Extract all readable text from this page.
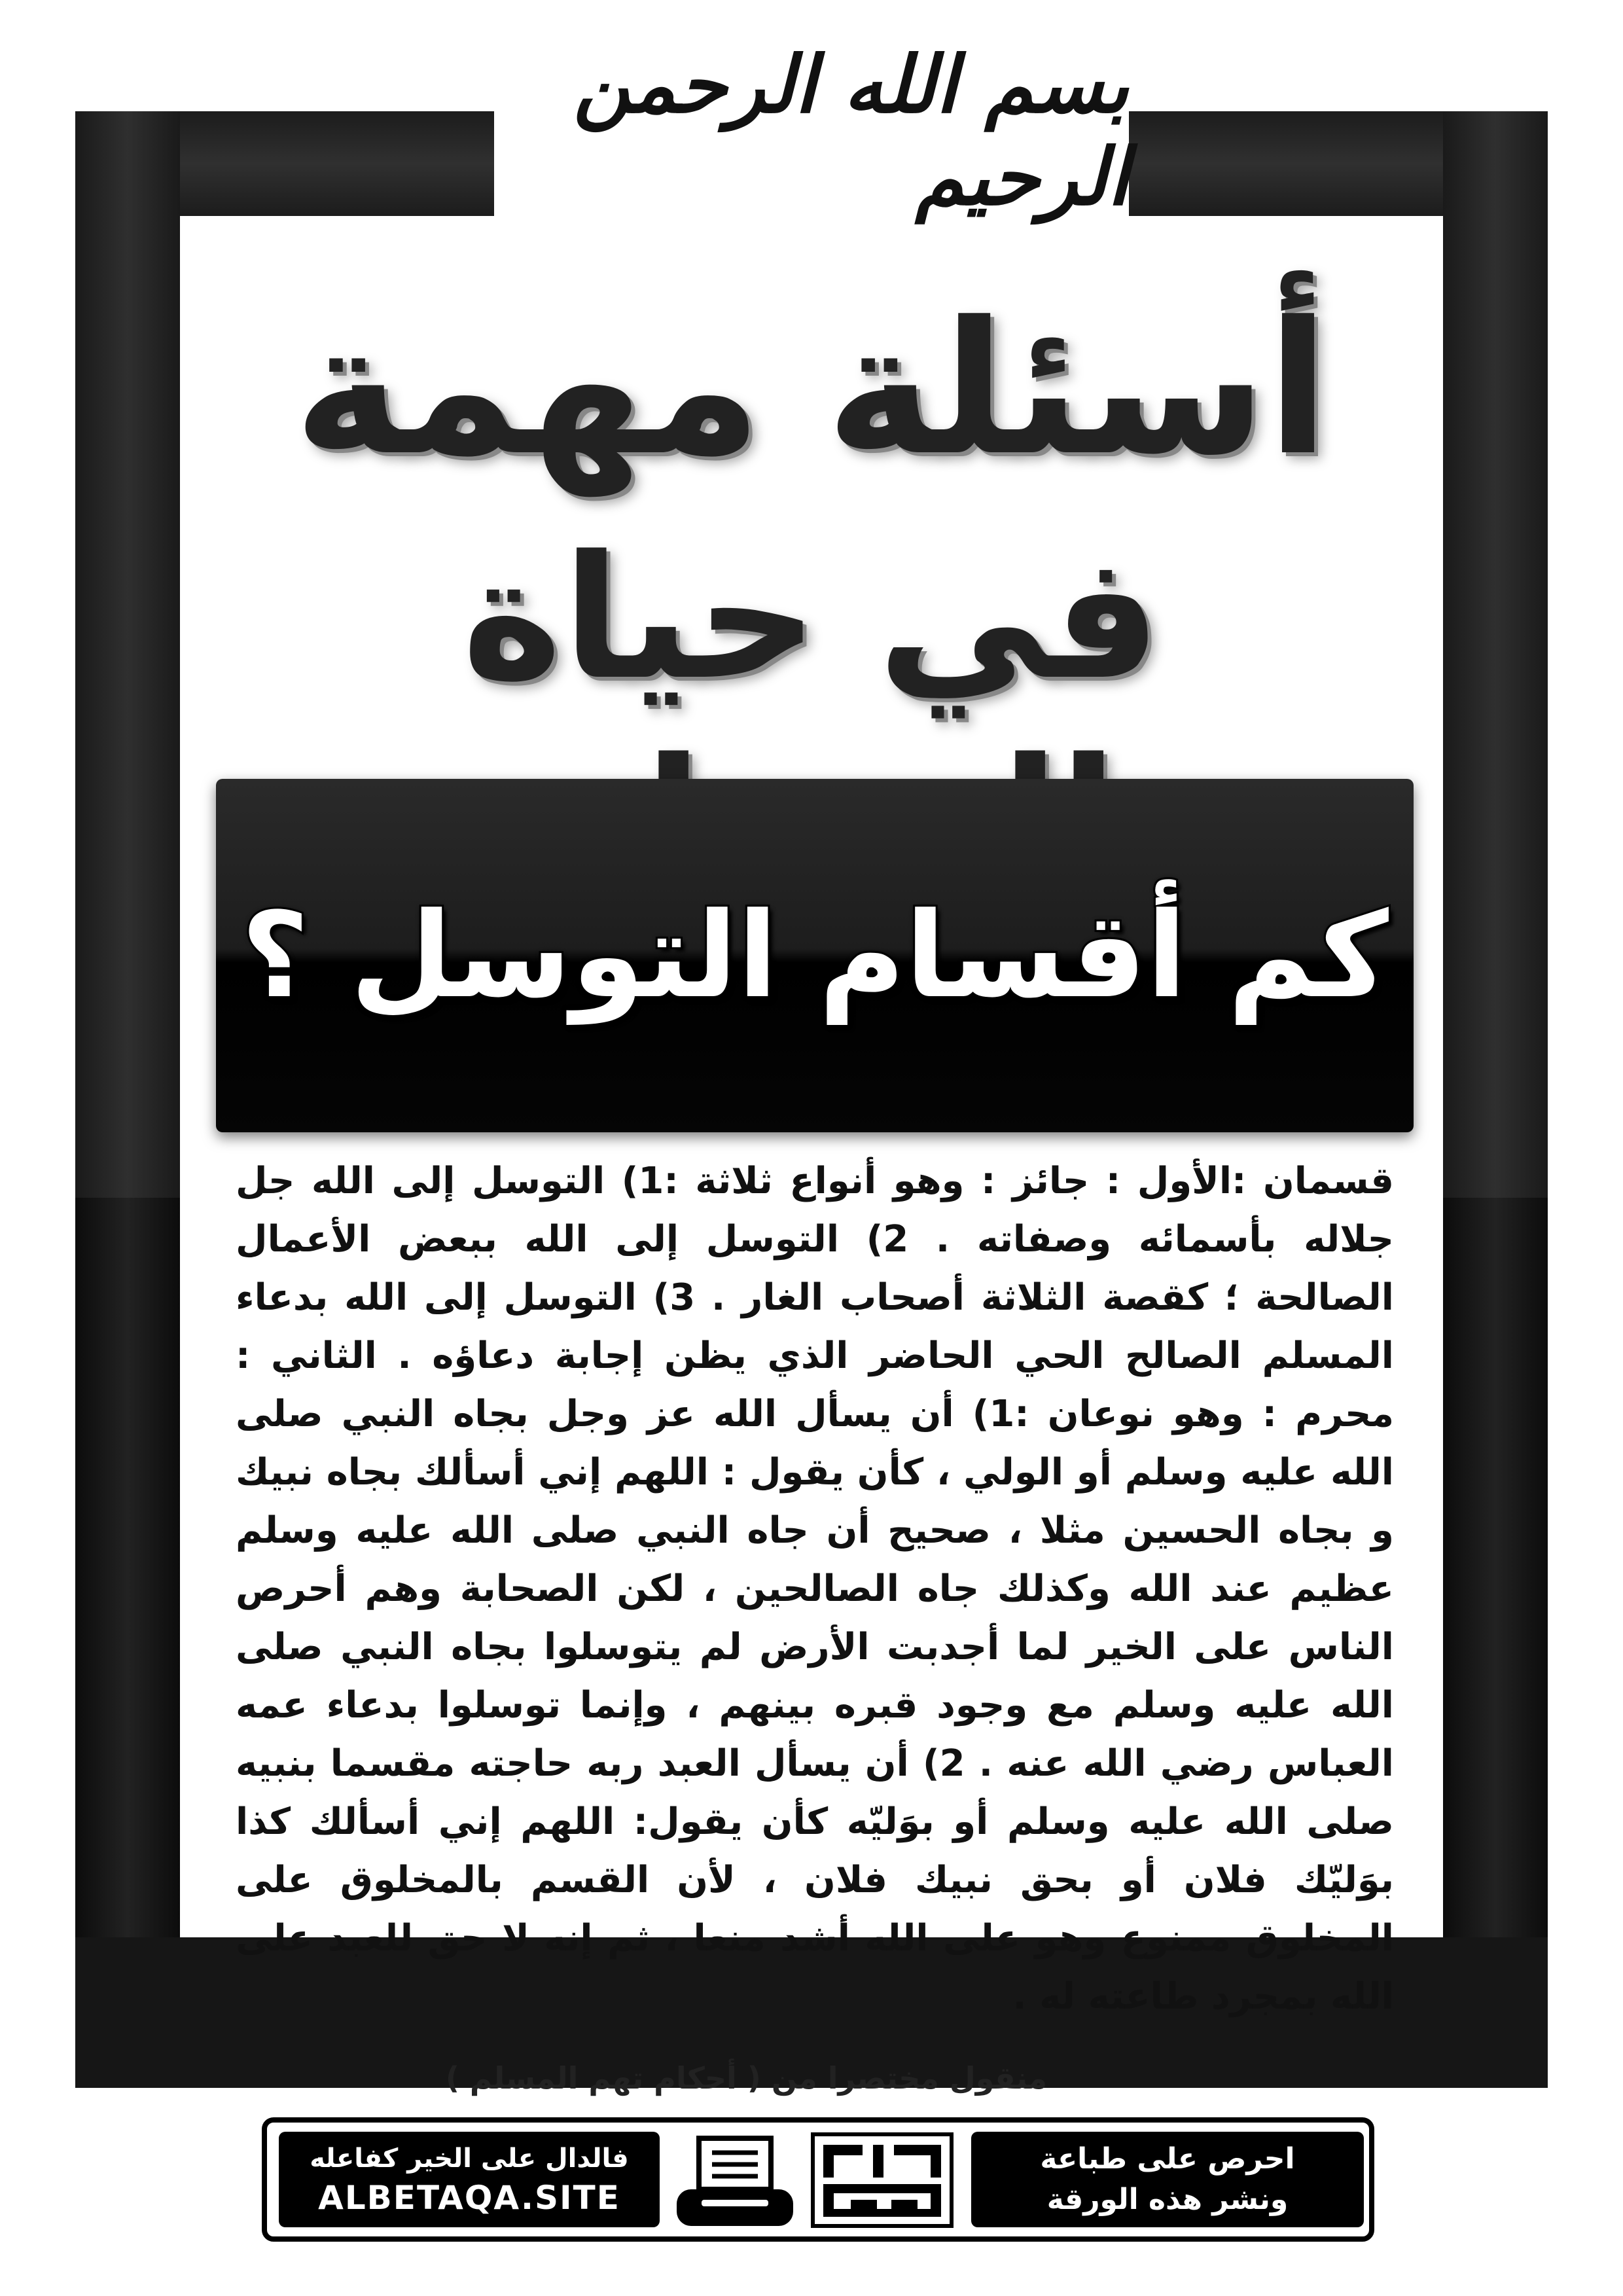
بسم الله الرحمن الرحيم
أسئلة مهمة
في حياة
كم أقسام التوسل ؟
قسمان :الأول : جائز : وهو أنواع ثلاثة :1) التوسل إلى الله جل جلاله بأسمائه وصفاته . 2) التوسل إلى الله ببعض الأعمال الصالحة ؛ كقصة الثلاثة أصحاب الغار . 3) التوسل إلى الله بدعاء المسلم الصالح الحي الحاضر الذي يظن إجابة دعاؤه . الثاني : محرم : وهو نوعان :1) أن يسأل الله عز وجل بجاه النبي صلى الله عليه وسلم أو الولي ، كأن يقول : اللهم إني أسألك بجاه نبيك و بجاه الحسين مثلا ، صحيح أن جاه النبي صلى الله عليه وسلم عظيم عند الله وكذلك جاه الصالحين ، لكن الصحابة وهم أحرص الناس على الخير لما أجدبت الأرض لم يتوسلوا بجاه النبي صلى الله عليه وسلم مع وجود قبره بينهم ، وإنما توسلوا بدعاء عمه العباس رضي الله عنه . 2) أن يسأل العبد ربه حاجته مقسما بنبيه صلى الله عليه وسلم أو بوَليّه كأن يقول: اللهم إني أسألك كذا بوَليّك فلان أو بحق نبيك فلان ، لأن القسم بالمخلوق على المخلوق ممنوع وهو على الله أشد منعا ، ثم إنه لا حق للعبد على الله بمجرد طاعته له .
منقول مختصرا من ( أحكام تهم المسلم )
فالدال على الخير كفاعله
ALBETAQA.SITE
احرص على طباعة
ونشر هذه الورقة
